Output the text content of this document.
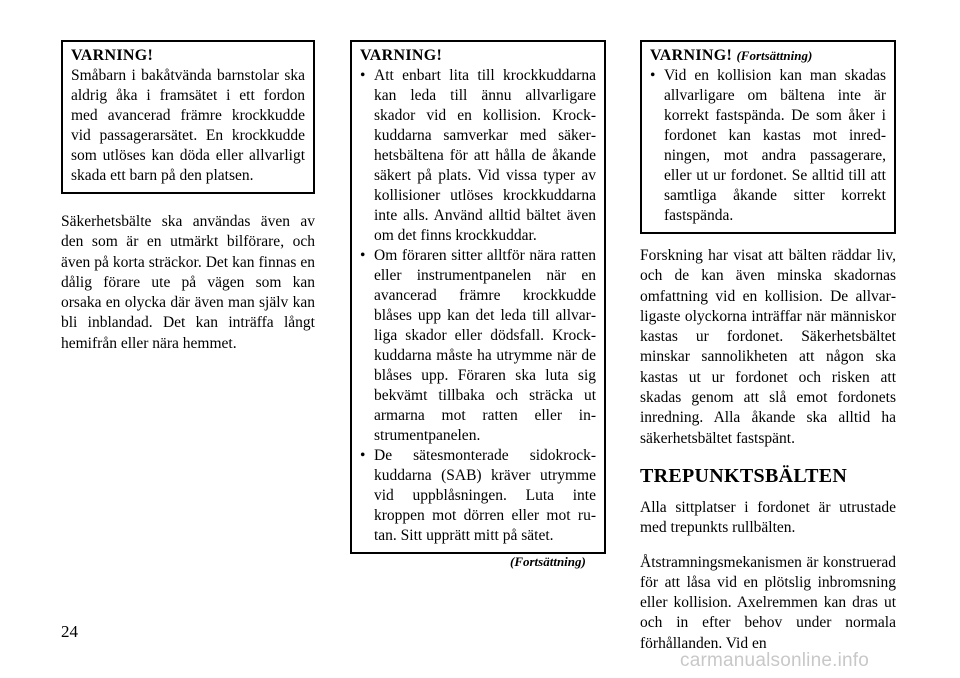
VARNING!

Småbarn i bakåtvända barnstolar ska aldrig åka i framsätet i ett fordon med avancerad främre krockkudde vid passagerarsätet. En krockkudde som utlöses kan döda eller allvarligt skada ett barn på den platsen.

Säkerhetsbälte ska användas även av den som är en utmärkt bilförare, och även på korta sträckor. Det kan finnas en dålig förare ute på vägen som kan orsaka en olycka där även man själv kan bli inblandad. Det kan inträffa långt hemifrån eller nära hemmet.

VARNING!
• Att enbart lita till krockkuddarna kan leda till ännu allvarligare skador vid en kollision. Krockkuddarna samverkar med säkerhetsbältena för att hålla de åkande säkert på plats. Vid vissa typer av kollisioner utlöses krockkuddarna inte alls. Använd alltid bältet även om det finns krockkuddar.
• Om föraren sitter alltför nära ratten eller instrumentpanelen när en avancerad främre krockkudde blåses upp kan det leda till allvarliga skador eller dödsfall. Krockkuddarna måste ha utrymme när de blåses upp. Föraren ska luta sig bekvämt tillbaka och sträcka ut armarna mot ratten eller instrumentpanelen.
• De sätesmonterade sidokrockkuddarna (SAB) kräver utrymme vid uppblåsningen. Luta inte kroppen mot dörren eller mot rutan. Sitt upprätt mitt på sätet.
(Fortsättning)
VARNING! (Fortsättning)
• Vid en kollision kan man skadas allvarligare om bältena inte är korrekt fastspända. De som åker i fordonet kan kastas mot inredningen, mot andra passagerare, eller ut ur fordonet. Se alltid till att samtliga åkande sitter korrekt fastspända.

Forskning har visat att bälten räddar liv, och de kan även minska skadornas omfattning vid en kollision. De allvarligaste olyckorna inträffar när människor kastas ur fordonet. Säkerhetsbältet minskar sannolikheten att någon ska kastas ut ur fordonet och risken att skadas genom att slå emot fordonets inredning. Alla åkande ska alltid ha säkerhetsbältet fastspänt.

TREPUNKTSBÄLTEN

Alla sittplatser i fordonet är utrustade med trepunkts rullbälten.

Åtstramningsmekanismen är konstruerad för att låsa vid en plötslig inbromsning eller kollision. Axelremmen kan dras ut och in efter behov under normala förhållanden. Vid en

24
carmanualsonline.info
